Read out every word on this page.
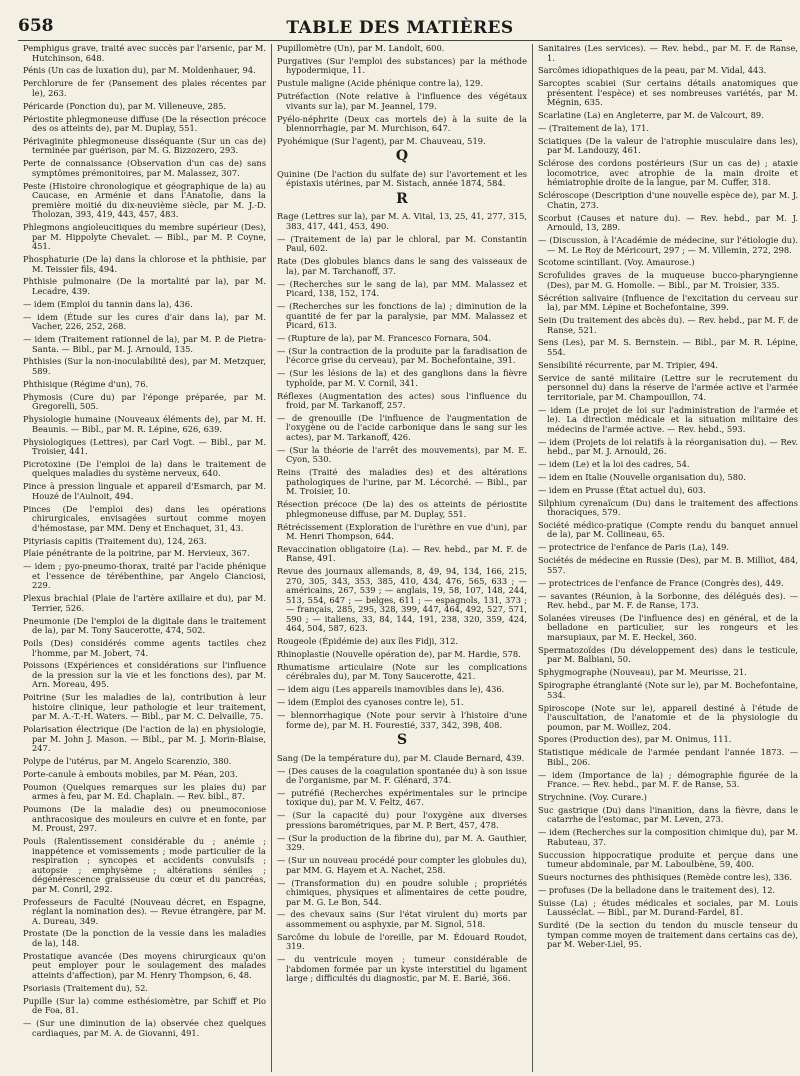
658	TABLE DES MATIÈRES
Pemphigus grave, traité avec succès par l'arsenic, par M. Hutchinson, 648.
Pénis (Un cas de luxation du), par M. Moldenhauer, 94.
Perchlorure de fer (Pansement des plaies récentes par le), 263.
Péricarde (Ponction du), par M. Villeneuve, 285.
Périostite phlegmoneuse diffuse (De la résection précoce des os atteints de), par M. Duplay, 551.
Périvaginite phlegmoneuse disséquante (Sur un cas de) terminée par guérison, par M. G. Bizzozero, 293.
Perte de connaissance (Observation d'un cas de) sans symptômes prémonitoires, par M. Malassez, 307.
Peste (Histoire chronologique et géographique de la) au Caucase, en Arménie et dans l'Anatolie, dans la première moitié du dix-neuvième siècle, par M. J.-D. Tholozan, 393, 419, 443, 457, 483.
Phlegmons angioleucitiques du membre supérieur (Des), par M. Hippolyte Chevalet. — Bibl., par M. P. Coyne, 451.
Phosphaturie (De la) dans la chlorose et la phthisie, par M. Teissier fils, 494.
Phthisie pulmonaire (De la mortalité par la), par M. Lecadre, 439.
— idem (Emploi du tannin dans la), 436.
— idem (Étude sur les cures d'air dans la), par M. Vacher, 226, 252, 268.
— idem (Traitement rationnel de la), par M. P. de Pietra-Santa. — Bibl., par M. J. Arnould, 135.
Phthisies (Sur la non-inoculabilité des), par M. Metzquer, 589.
Phthisique (Régime d'un), 76.
Phymosis (Cure du) par l'éponge préparée, par M. Gregorelli, 505.
Physiologie humaine (Nouveaux éléments de), par M. H. Beaunis. — Bibl., par M. R. Lépine, 626, 639.
Physiologiques (Lettres), par Carl Vogt. — Bibl., par M. Troisier, 441.
Picrotoxine (De l'emploi de la) dans le traitement de quelques maladies du système nerveux, 640.
Pince à pression linguale et appareil d'Esmarch, par M. Houzé de l'Aulnoit, 494.
Pinces (De l'emploi des) dans les opérations chirurgicales, envisagées surtout comme moyen d'hémostase, par MM. Deny et Enchaquet, 31, 43.
Pityriasis capitis (Traitement du), 124, 263.
Plaie pénétrante de la poitrine, par M. Hervieux, 367.
— idem ; pyo-pneumo-thorax, traité par l'acide phénique et l'essence de térébenthine, par Angelo Cianciosi, 229.
Plexus brachial (Plaie de l'artère axillaire et du), par M. Terrier, 526.
Pneumonie (De l'emploi de la digitale dans le traitement de la), par M. Tony Saucerotte, 474, 502.
Poils (Des) considérés comme agents tactiles chez l'homme, par M. Jobert, 74.
Poissons (Expériences et considérations sur l'influence de la pression sur la vie et les fonctions des), par M. Arn. Moreau, 495.
Poitrine (Sur les maladies de la), contribution à leur histoire clinique, leur pathologie et leur traitement, par M. A.-T.-H. Waters. — Bibl., par M. C. Delvaille, 75.
Polarisation électrique (De l'action de la) en physiologie, par M. John J. Mason. — Bibl., par M. J. Morin-Blaise, 247.
Polype de l'utérus, par M. Angelo Scarenzio, 380.
Porte-canule à embouts mobiles, par M. Péan, 203.
Poumon (Quelques remarques sur les plaies du) par armes à feu, par M. Ed. Chaplain. — Rev. bibl., 87.
Poumons (De la maladie des) ou pneumoconiose anthracosique des mouleurs en cuivre et en fonte, par M. Proust, 297.
Pouls (Ralentissement considérable du ; anémie ; inappétence et vomissements ; mode particulier de la respiration ; syncopes et accidents convulsifs ; autopsie ; emphysème ; altérations séniles ; dégénérescence graisseuse du cœur et du pancréas, par M. Conril, 292.
Professeurs de Faculté (Nouveau décret, en Espagne, réglant la nomination des). — Revue étrangère, par M. A. Dureau, 349.
Prostate (De la ponction de la vessie dans les maladies de la), 148.
Prostatique avancée (Des moyens chirurgicaux qu'on peut employer pour le soulagement des malades atteints d'affection), par M. Henry Thompson, 6, 48.
Psoriasis (Traitement du), 52.
Pupille (Sur la) comme esthésiomètre, par Schiff et Pio de Foa, 81.
— (Sur une diminution de la) observée chez quelques cardiaques, par M. A. de Giovanni, 491.
Pupillomètre (Un), par M. Landolt, 600.
Purgatives (Sur l'emploi des substances) par la méthode hypodermique, 11.
Pustule maligne (Acide phénique contre la), 129.
Putréfaction (Note relative à l'influence des végétaux vivants sur la), par M. Jeannel, 179.
Pyélo-néphrite (Deux cas mortels de) à la suite de la blennorrhagie, par M. Murchison, 647.
Pyohémique (Sur l'agent), par M. Chauveau, 519.
Q
Quinine (De l'action du sulfate de) sur l'avortement et les épistaxis utérines, par M. Sistach, année 1874, 584.
R
Rage (Lettres sur la), par M. A. Vital, 13, 25, 41, 277, 315, 383, 417, 441, 453, 490.
— (Traitement de la) par le chloral, par M. Constantin Paul, 602.
Rate (Des globules blancs dans le sang des vaisseaux de la), par M. Tarchanoff, 37.
— (Recherches sur le sang de la), par MM. Malassez et Picard, 138, 152, 174.
— (Recherches sur les fonctions de la) ; diminution de la quantité de fer par la paralysie, par MM. Malassez et Picard, 613.
— (Rupture de la), par M. Francesco Fornara, 504.
— (Sur la contraction de la produite par la faradisation de l'écorce grise du cerveau), par M. Bochefontaine, 391.
— (Sur les lésions de la) et des ganglions dans la fièvre typhoïde, par M. V. Cornil, 341.
Réflexes (Augmentation des actes) sous l'influence du froid, par M. Tarkanoff, 257.
— de grenouille (De l'influence de l'augmentation de l'oxygène ou de l'acide carbonique dans le sang sur les actes), par M. Tarkanoff, 426.
— (Sur la théorie de l'arrêt des mouvements), par M. E. Cyon, 530.
Reins (Traité des maladies des) et des altérations pathologiques de l'urine, par M. Lécorché. — Bibl., par M. Troisier, 10.
Résection précoce (De la) des os atteints de périostite phlegmoneuse diffuse, par M. Duplay, 551.
Rétrécissement (Exploration de l'urèthre en vue d'un), par M. Henri Thompson, 644.
Revaccination obligatoire (La). — Rev. hebd., par M. F. de Ranse, 491.
Revue des journaux allemands, 8, 49, 94, 134, 166, 215, 270, 305, 343, 353, 385, 410, 434, 476, 565, 633 ; — américains, 267, 539 ; — anglais, 19, 58, 107, 148, 244, 513, 554, 647 ; — belges, 611 ; — espagnols, 131, 373 ; — français, 285, 295, 328, 399, 447, 464, 492, 527, 571, 590 ; — italiens, 33, 84, 144, 191, 238, 320, 359, 424, 464, 504, 587, 623.
Rougeole (Épidémie de) aux îles Fidji, 312.
Rhinoplastie (Nouvelle opération de), par M. Hardie, 578.
Rhumatisme articulaire (Note sur les complications cérébrales du), par M. Tony Saucerotte, 421.
— idem aigu (Les appareils inamovibles dans le), 436.
— idem (Emploi des cyanoses contre le), 51.
— blennorrhagique (Note pour servir à l'histoire d'une forme de), par M. H. Fourestié, 337, 342, 398, 408.
S
Sang (De la température du), par M. Claude Bernard, 439.
— (Des causes de la coagulation spontanée du) à son issue de l'organisme, par M. F. Glénard, 374.
— putréfié (Recherches expérimentales sur le principe toxique du), par M. V. Feltz, 467.
— (Sur la capacité du) pour l'oxygène aux diverses pressions barométriques, par M. P. Bert, 457, 478.
— (Sur la production de la fibrine du), par M. A. Gauthier, 329.
— (Sur un nouveau procédé pour compter les globules du), par MM. G. Hayem et A. Nachet, 258.
— (Transformation du) en poudre soluble ; propriétés chimiques, physiques et alimentaires de cette poudre, par M. G. Le Bon, 544.
— des chevaux sains (Sur l'état virulent du) morts par assommement ou asphyxie, par M. Signol, 518.
Sarcôme du lobule de l'oreille, par M. Édouard Roudot, 319.
— du ventricule moyen ; tumeur considérable de l'abdomen formée par un kyste interstitiel du ligament large ; difficultés du diagnostic, par M. E. Barié, 366.
Sanitaires (Les services). — Rev. hebd., par M. F. de Ranse, 1.
Sarcômes idiopathiques de la peau, par M. Vidal, 443.
Sarcoptes scabiei (Sur certains détails anatomiques que présentent l'espèce) et ses nombreuses variétés, par M. Mégnin, 635.
Scarlatine (La) en Angleterre, par M. de Valcourt, 89.
— (Traitement de la), 171.
Sciatiques (De la valeur de l'atrophie musculaire dans les), par M. Landouzy, 461.
Sclérose des cordons postérieurs (Sur un cas de) ; ataxie locomotrice, avec atrophie de la main droite et hémiatrophie droite de la langue, par M. Cuffer, 318.
Scléroscope (Description d'une nouvelle espèce de), par M. J. Chatin, 273.
Scorbut (Causes et nature du). — Rev. hebd., par M. J. Arnould, 13, 289.
— (Discussion, à l'Académie de médecine, sur l'étiologie du). — M. Le Roy de Méricourt, 297 ; — M. Villemin, 272, 298.
Scotome scintillant. (Voy. Amaurose.)
Scrofulides graves de la muqueuse bucco-pharyngienne (Des), par M. G. Homolle. — Bibl., par M. Troisier, 335.
Sécrétion salivaire (Influence de l'excitation du cerveau sur la), par MM. Lépine et Bochefontaine, 399.
Sein (Du traitement des abcès du). — Rev. hebd., par M. F. de Ranse, 521.
Sens (Les), par M. S. Bernstein. — Bibl., par M. R. Lépine, 554.
Sensibilité récurrente, par M. Tripier, 494.
Service de santé militaire (Lettre sur le recrutement du personnel du) dans la réserve de l'armée active et l'armée territoriale, par M. Champouillon, 74.
— idem (Le projet de loi sur l'administration de l'armée et le). La direction médicale et la situation militaire des médecins de l'armée active. — Rev. hebd., 593.
— idem (Projets de loi relatifs à la réorganisation du). — Rev. hebd., par M. J. Arnould, 26.
— idem (Le) et la loi des cadres, 54.
— idem en Italie (Nouvelle organisation du), 580.
— idem en Prusse (État actuel du), 603.
Silphium cyrenaïcum (Du) dans le traitement des affections thoraciques, 579.
Société médico-pratique (Compte rendu du banquet annuel de la), par M. Collineau, 65.
— protectrice de l'enfance de Paris (La), 149.
Sociétés de médecine en Russie (Des), par M. B. Milliot, 484, 557.
— protectrices de l'enfance de France (Congrès des), 449.
— savantes (Réunion, à la Sorbonne, des délégués des). — Rev. hebd., par M. F. de Ranse, 173.
Solanées vireuses (De l'influence des) en général, et de la belladone en particulier, sur les rongeurs et les marsupiaux, par M. E. Heckel, 360.
Spermatozoïdes (Du développement des) dans le testicule, par M. Balbiani, 50.
Sphygmographe (Nouveau), par M. Meurisse, 21.
Spirographe étranglanté (Note sur le), par M. Bochefontaine, 534.
Spiroscope (Note sur le), appareil destiné à l'étude de l'auscultation, de l'anatomie et de la physiologie du poumon, par M. Woillez, 204.
Spores (Production des), par M. Onimus, 111.
Statistique médicale de l'armée pendant l'année 1873. — Bibl., 206.
— idem (Importance de la) ; démographie figurée de la France. — Rev. hebd., par M. F. de Ranse, 53.
Strychnine. (Voy. Curare.)
Suc gastrique (Du) dans l'inanition, dans la fièvre, dans le catarrhe de l'estomac, par M. Leven, 273.
— idem (Recherches sur la composition chimique du), par M. Rabuteau, 37.
Succussion hippocratique produite et perçue dans une tumeur abdominale, par M. Laboulbène, 59, 400.
Sueurs nocturnes des phthisiques (Remède contre les), 336.
— profuses (De la belladone dans le traitement des), 12.
Suisse (La) ; études médicales et sociales, par M. Louis Lausséclat. — Bibl., par M. Durand-Fardel, 81.
Surdité (De la section du tendon du muscle tenseur du tympan comme moyen de traitement dans certains cas de), par M. Weber-Liel, 95.
